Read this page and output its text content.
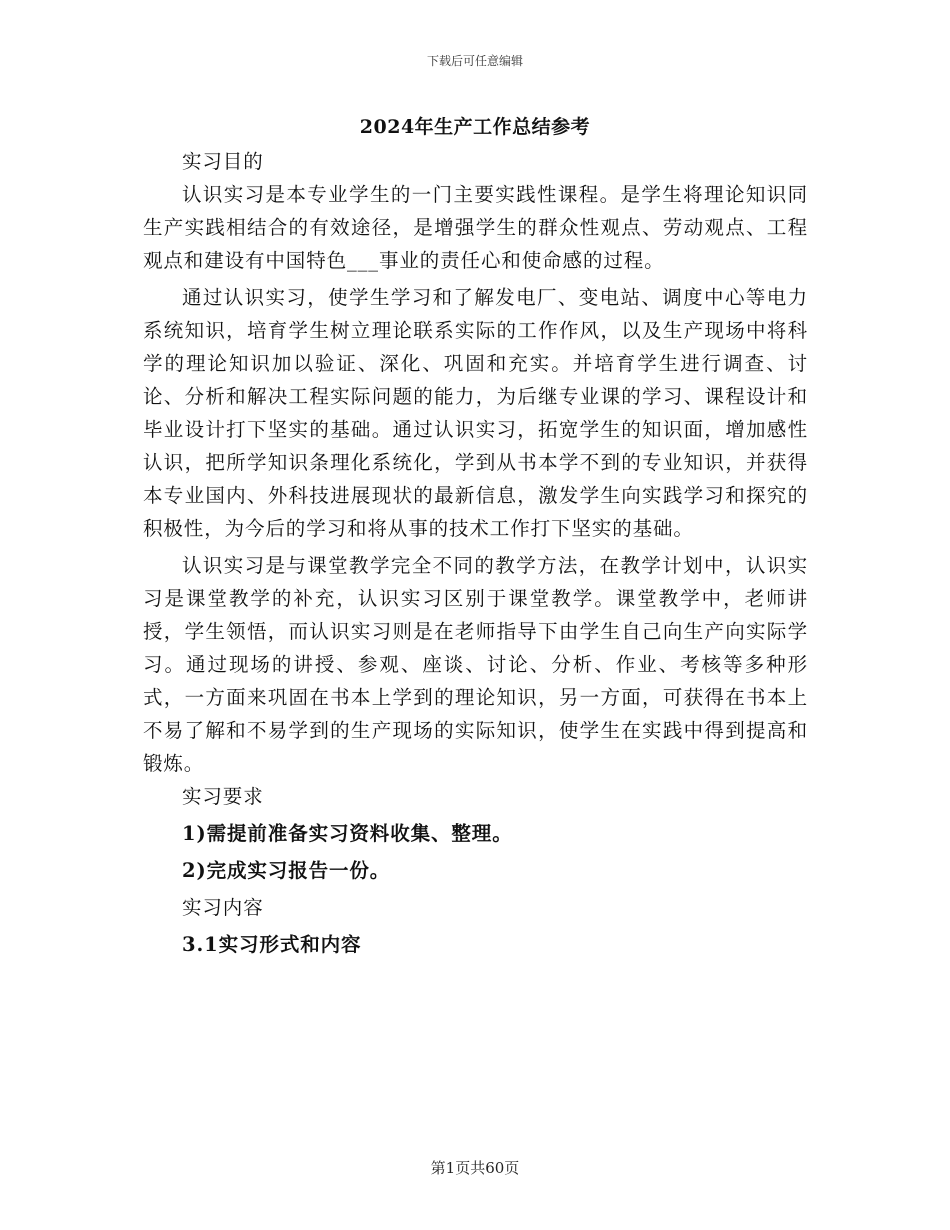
下载后可任意编辑
2024年生产工作总结参考

实习目的

认识实习是本专业学生的一门主要实践性课程。是学生将理论知识同生产实践相结合的有效途径，是增强学生的群众性观点、劳动观点、工程观点和建设有中国特色___事业的责任心和使命感的过程。

通过认识实习，使学生学习和了解发电厂、变电站、调度中心等电力系统知识，培育学生树立理论联系实际的工作作风，以及生产现场中将科学的理论知识加以验证、深化、巩固和充实。并培育学生进行调查、讨论、分析和解决工程实际问题的能力，为后继专业课的学习、课程设计和毕业设计打下坚实的基础。通过认识实习，拓宽学生的知识面，增加感性认识，把所学知识条理化系统化，学到从书本学不到的专业知识，并获得本专业国内、外科技进展现状的最新信息，激发学生向实践学习和探究的积极性，为今后的学习和将从事的技术工作打下坚实的基础。

认识实习是与课堂教学完全不同的教学方法，在教学计划中，认识实习是课堂教学的补充，认识实习区别于课堂教学。课堂教学中，老师讲授，学生领悟，而认识实习则是在老师指导下由学生自己向生产向实际学习。通过现场的讲授、参观、座谈、讨论、分析、作业、考核等多种形式，一方面来巩固在书本上学到的理论知识，另一方面，可获得在书本上不易了解和不易学到的生产现场的实际知识，使学生在实践中得到提高和锻炼。

实习要求

1)需提前准备实习资料收集、整理。

2)完成实习报告一份。

实习内容

3.1实习形式和内容

第1页共60页
